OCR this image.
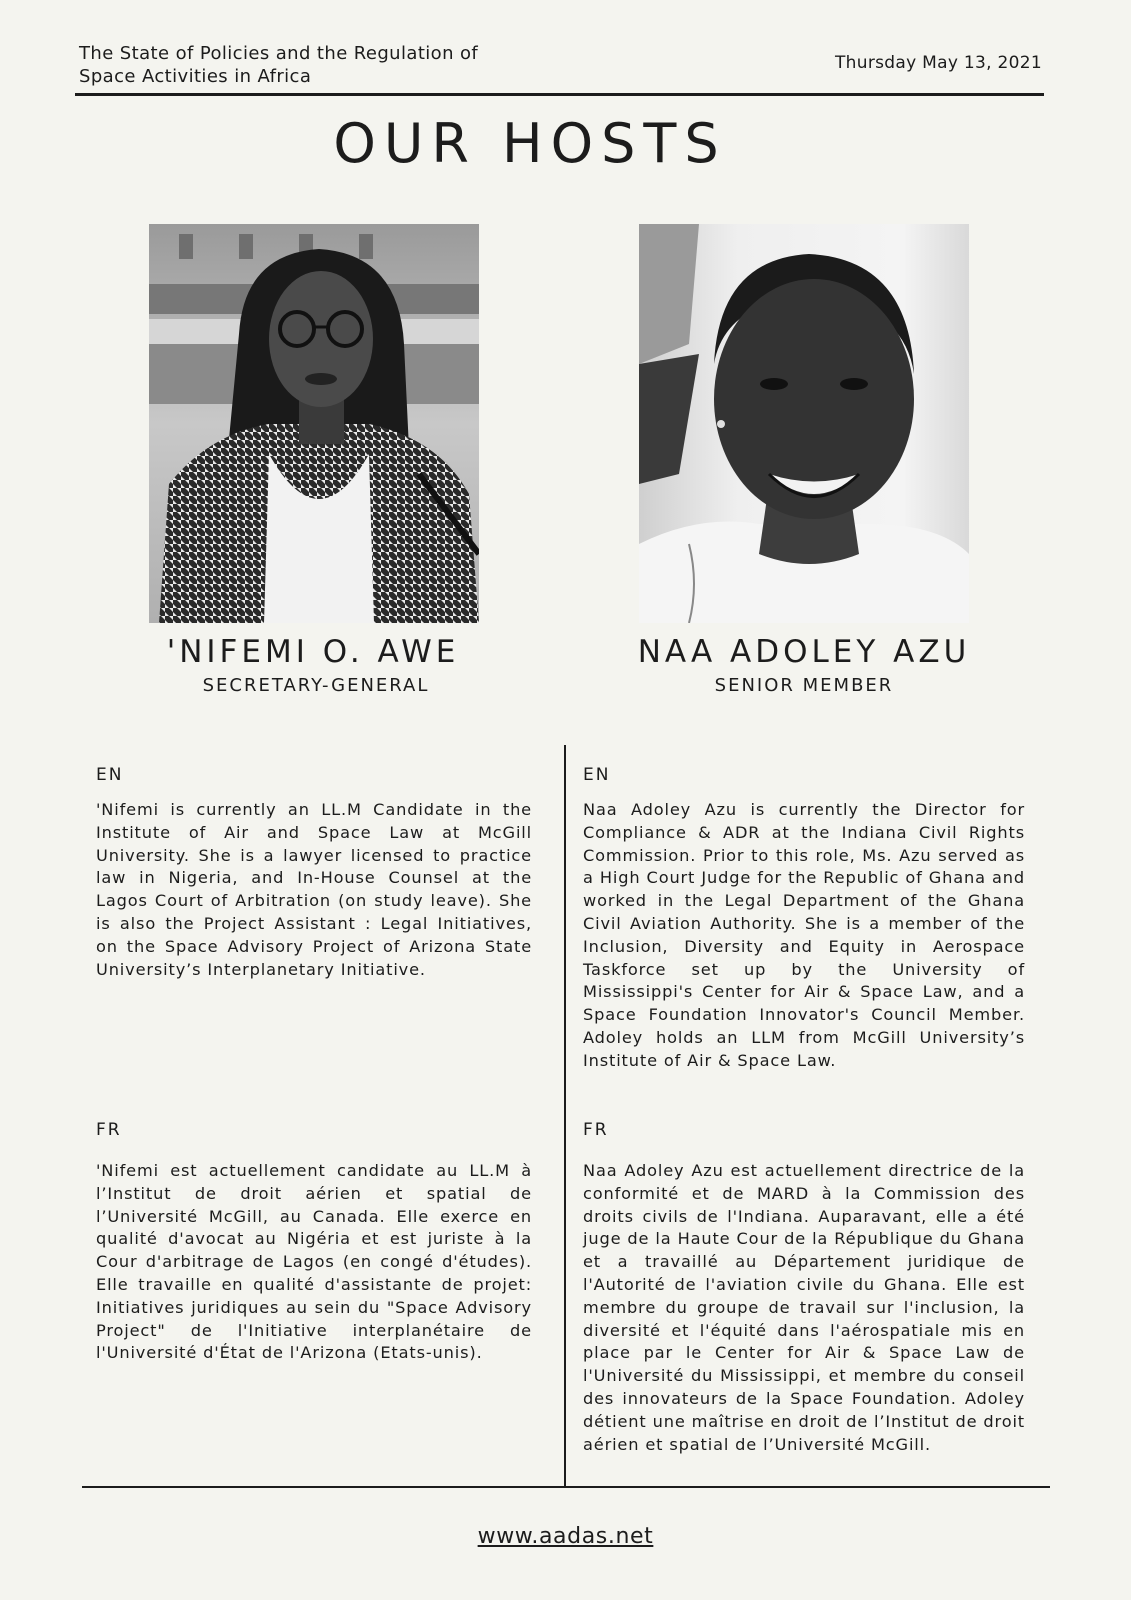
The State of Policies and the Regulation of Space Activities in Africa
Thursday May 13, 2021
OUR HOSTS
'NIFEMI O. AWE
SECRETARY-GENERAL
NAA ADOLEY AZU
SENIOR MEMBER
EN

'Nifemi is currently an LL.M Candidate in the Institute of Air and Space Law at McGill University. She is a lawyer licensed to practice law in Nigeria, and In-House Counsel at the Lagos Court of Arbitration (on study leave). She is also the Project Assistant : Legal Initiatives, on the Space Advisory Project of Arizona State University’s Interplanetary Initiative.

EN

Naa Adoley Azu is currently the Director for Compliance & ADR at the Indiana Civil Rights Commission. Prior to this role, Ms. Azu served as a High Court Judge for the Republic of Ghana and worked in the Legal Department of the Ghana Civil Aviation Authority. She is a member of the Inclusion, Diversity and Equity in Aerospace Taskforce set up by the University of Mississippi's Center for Air & Space Law, and a Space Foundation Innovator's Council Member. Adoley holds an LLM from McGill University’s Institute of Air & Space Law.

FR

'Nifemi est actuellement candidate au LL.M à l’Institut de droit aérien et spatial de l’Université McGill, au Canada. Elle exerce en qualité d'avocat au Nigéria et est juriste à la Cour d'arbitrage de Lagos (en congé d'études). Elle travaille en qualité d'assistante de projet: Initiatives juridiques au sein du "Space Advisory Project" de l'Initiative interplanétaire de l'Université d'État de l'Arizona (Etats-unis).

FR

Naa Adoley Azu est actuellement directrice de la conformité et de MARD à la Commission des droits civils de l'Indiana. Auparavant, elle a été juge de la Haute Cour de la République du Ghana et a travaillé au Département juridique de l'Autorité de l'aviation civile du Ghana. Elle est membre du groupe de travail sur l'inclusion, la diversité et l'équité dans l'aérospatiale mis en place par le Center for Air & Space Law de l'Université du Mississippi, et membre du conseil des innovateurs de la Space Foundation. Adoley détient une maîtrise en droit de l’Institut de droit aérien et spatial de l’Université McGill.

www.aadas.net
